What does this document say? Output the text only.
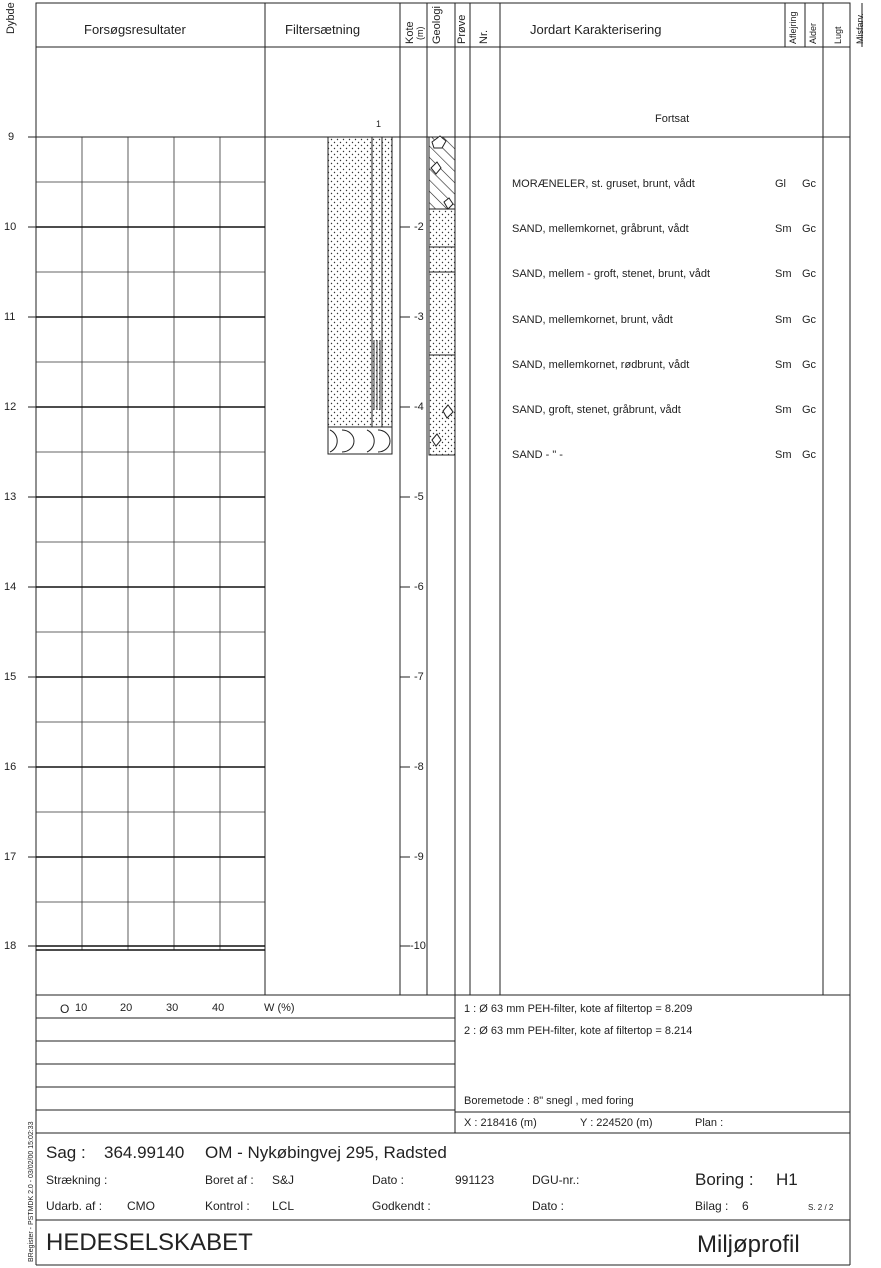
Dybde	Forsøgsresultater	Filtersætning	Kote (m) Geologi Prøve Nr.	Jordart Karakterisering	Aflejring Alder Lugt Misfarv.
Fortsat
1
9
10
11
12
13
14
15
16
17
18
-2
-3
-4
-5
-6
-7
-8
-9
-10
MORÆNELER, st. gruset, brunt, vådt	Gl Gc
SAND, mellemkornet, gråbrunt, vådt	Sm Gc
SAND, mellem - groft, stenet, brunt, vådt	Sm Gc
SAND, mellemkornet, brunt, vådt	Sm Gc
SAND, mellemkornet, rødbrunt, vådt	Sm Gc
SAND, groft, stenet, gråbrunt, vådt	Sm Gc
SAND - " -	Sm Gc
O 10	20	30	40	W (%)	1 : Ø 63 mm PEH-filter, kote af filtertop = 8.209
2 : Ø 63 mm PEH-filter, kote af filtertop = 8.214
Boremetode : 8" snegl , med foring
X : 218416 (m)	Y : 224520 (m)	Plan :
BRegister - PSTMDK 2.0 - 03/02/00 15:02:33 Sag : 364.99140 OM - Nykøbingvej 295, Radsted
Strækning :	Boret af : S&J	Dato :	991123	DGU-nr.:	Boring : H1
Udarb. af : CMO	Kontrol : LCL	Godkendt :	Dato :	Bilag : 6	S. 2 / 2
HEDESELSKABET	Miljøprofil
